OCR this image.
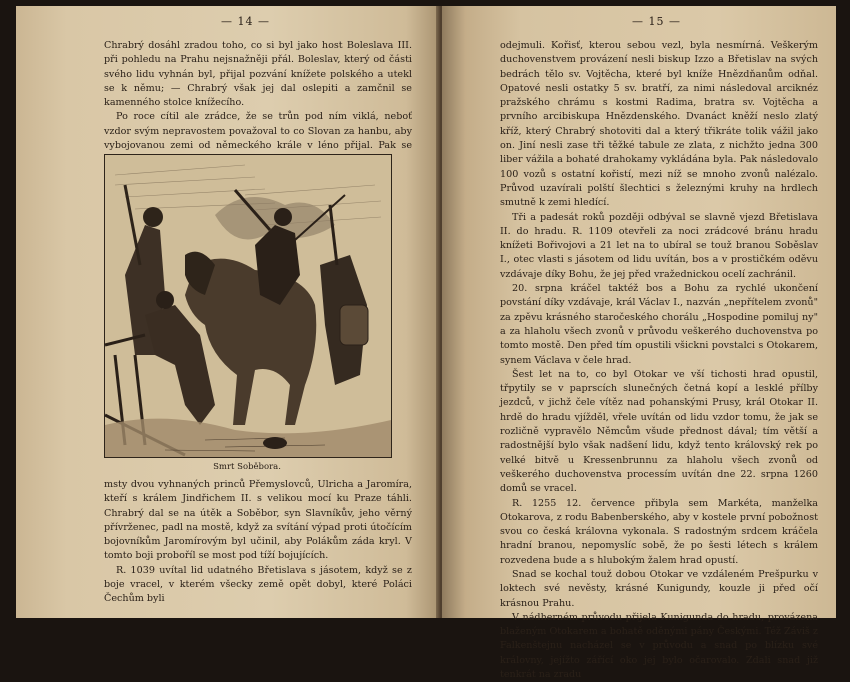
— 14 —

Chrabrý dosáhl zradou toho, co si byl jako host Boleslava III. při pohledu na Prahu nejsnažněji přál. Boleslav, který od části svého lidu vyhnán byl, přijal pozvání knížete polského a utekl se k němu; — Chrabrý však jej dal oslepiti a zamčnil se kamenného stolce knížecího.

Po roce cítil ale zrádce, že se trůn pod ním viklá, neboť vzdor svým nepravostem považoval to co Slovan za hanbu, aby vybojovanou zemi od německého krále v léno přijal. Pak se

Smrt Soběbora.

msty dvou vyhnaných princů Přemyslovců, Ulricha a Jaromíra, kteří s králem Jindřichem II. s velikou mocí ku Praze táhli. Chrabrý dal se na útěk a Soběbor, syn Slavníkův, jeho věrný přívrženec, padl na mostě, když za svítání výpad proti útočícím bojovníkům Jaromírovým byl učinil, aby Polákům záda kryl. V tomto boji proboříl se most pod tíží bojujících.

R. 1039 uvítal lid udatného Břetislava s jásotem, když se z boje vracel, v kterém všecky země opět dobyl, které Poláci Čechům byli

— 15 —

odejmuli. Kořisť, kterou sebou vezl, byla nesmírná. Veškerým duchovenstvem provázení nesli biskup Izzo a Břetislav na svých bedrách tělo sv. Vojtěcha, které byl kníže Hnězdňanům odňal. Opatové nesli ostatky 5 sv. bratří, za nimi následoval arciknéz pražského chrámu s kostmi Radima, bratra sv. Vojtěcha a prvního arcibiskupa Hnězdenského. Dvanáct kněží neslo zlatý kříž, který Chrabrý shotoviti dal a který třikráte tolik vážil jako on. Jiní nesli zase tři těžké tabule ze zlata, z nichžto jedna 300 liber vážila a bohaté drahokamy vykládána byla. Pak následovalo 100 vozů s ostatní kořistí, mezi níž se mnoho zvonů nalézalo. Průvod uzavírali polští šlechtici s železnými kruhy na hrdlech smutně k zemi hledící.

Tři a padesát roků později odbýval se slavně vjezd Břetislava II. do hradu. R. 1109 otevřeli za noci zrádcové bránu hradu knížeti Bořivojovi a 21 let na to ubíral se touž branou Soběslav I., otec vlasti s jásotem od lidu uvítán, bos a v prostičkém oděvu vzdávaje díky Bohu, že jej před vražednickou ocelí zachránil.

20. srpna kráčel taktéž bos a Bohu za rychlé ukončení povstání díky vzdávaje, král Václav I., nazván „nepřítelem zvonů" za zpěvu krásného staročeského chorálu „Hospodine pomiluj ny" a za hlaholu všech zvonů v průvodu veškerého duchovenstva po tomto mostě. Den před tím opustili všickni povstalci s Otokarem, synem Václava v čele hrad.

Šest let na to, co byl Otokar ve vší tichosti hrad opustil, třpytily se v paprscích slunečných četná kopí a lesklé přílby jezdců, v jichž čele vítěz nad pohanskými Prusy, král Otokar II. hrdě do hradu vjížděl, vřele uvítán od lidu vzdor tomu, že jak se rozličně vypravělo Němcům všude přednost dával; tím větší a radostnější bylo však nadšení lidu, když tento královský rek po velké bitvě u Kressenbrunnu za hlaholu všech zvonů od veškerého duchovenstva processím uvítán dne 22. srpna 1260 domů se vracel.

R. 1255 12. července přibyla sem Markéta, manželka Otokarova, z rodu Babenberského, aby v kostele první pobožnost svou co česká královna vykonala. S radostným srdcem kráčela hradní branou, nepomyslíc sobě, že po šesti létech s králem rozvedena bude a s hlubokým žalem hrad opustí.

Snad se kochal touž dobou Otokar ve vzdáleném Prešpurku v loktech své nevěsty, krásné Kunigundy, kouzle ji před očí krásnou Prahu.

V nádherném průvodu přijela Kunigunda do hradu, provázena blaženým Otokarem a bohatě oděnými pány Českými. Též Záviš z Falkenštejnu nacházel se v průvodu a snad po blízku své královny, jejížto zářící oko jej bylo očarovalo. Zdali snad již tenkrát na zradu
